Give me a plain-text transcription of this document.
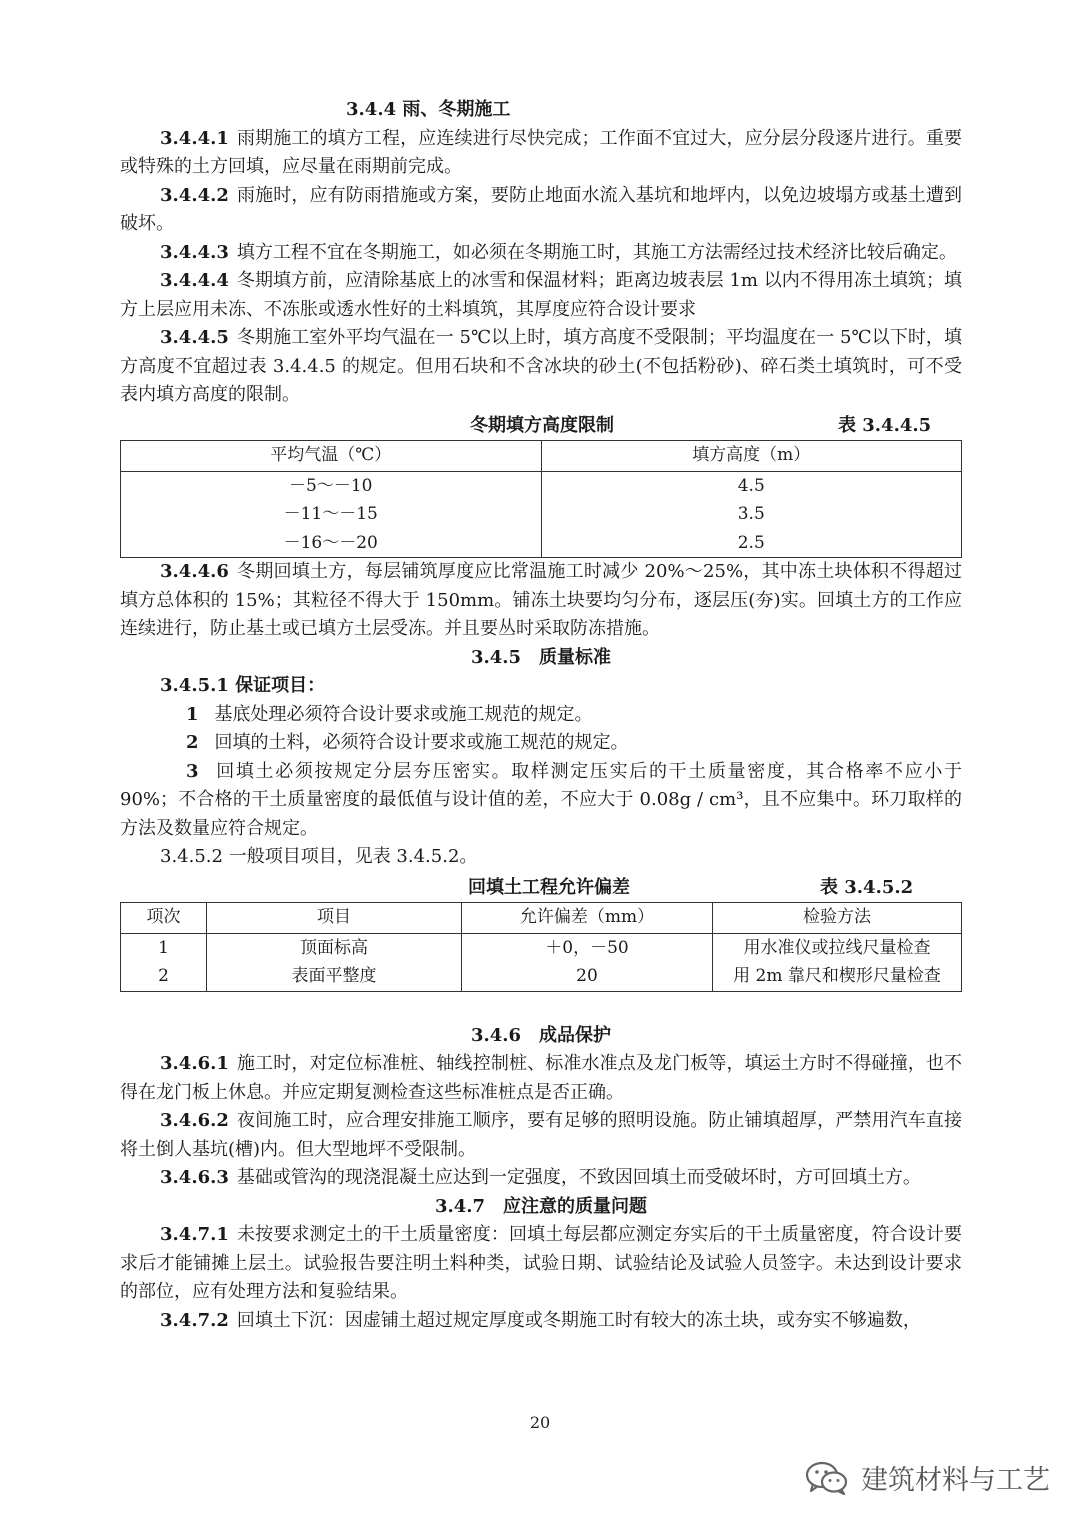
3.4.4 雨、冬期施工

3.4.4.1 雨期施工的填方工程，应连续进行尽快完成；工作面不宜过大，应分层分段逐片进行。重要或特殊的土方回填，应尽量在雨期前完成。

3.4.4.2 雨施时，应有防雨措施或方案，要防止地面水流入基坑和地坪内，以免边坡塌方或基土遭到破坏。

3.4.4.3 填方工程不宜在冬期施工，如必须在冬期施工时，其施工方法需经过技术经济比较后确定。

3.4.4.4 冬期填方前，应清除基底上的冰雪和保温材料；距离边坡表层 1m 以内不得用冻土填筑；填方上层应用未冻、不冻胀或透水性好的土料填筑，其厚度应符合设计要求

3.4.4.5 冬期施工室外平均气温在一 5℃以上时，填方高度不受限制；平均温度在一 5℃以下时，填方高度不宜超过表 3.4.4.5 的规定。但用石块和不含冰块的砂土(不包括粉砂)、碎石类土填筑时，可不受表内填方高度的限制。

冬期填方高度限制	表 3.4.4.5
平均气温（℃）	填方高度（m）
－5～－10	4.5
－11～－15	3.5
－16～－20	2.5

3.4.4.6 冬期回填土方，每层铺筑厚度应比常温施工时减少 20%～25%，其中冻土块体积不得超过填方总体积的 15%；其粒径不得大于 150mm。铺冻土块要均匀分布，逐层压(夯)实。回填土方的工作应连续进行，防止基土或已填方土层受冻。并且要丛时采取防冻措施。

3.4.5　质量标准

3.4.5.1 保证项目：

1 基底处理必须符合设计要求或施工规范的规定。

2 回填的土料，必须符合设计要求或施工规范的规定。

3 回填土必须按规定分层夯压密实。取样测定压实后的干土质量密度，其合格率不应小于 90%；不合格的干土质量密度的最低值与设计值的差，不应大于 0.08g / cm³，且不应集中。环刀取样的方法及数量应符合规定。

3.4.5.2 一般项目项目，见表 3.4.5.2。

回填土工程允许偏差	表 3.4.5.2
项次	项目	允许偏差（mm）	检验方法
1	顶面标高	＋0，－50	用水准仪或拉线尺量检查
2	表面平整度	20	用 2m 靠尺和楔形尺量检查

3.4.6　成品保护

3.4.6.1 施工时，对定位标准桩、轴线控制桩、标准水准点及龙门板等，填运土方时不得碰撞，也不得在龙门板上休息。并应定期复测检查这些标准桩点是否正确。

3.4.6.2 夜间施工时，应合理安排施工顺序，要有足够的照明设施。防止铺填超厚，严禁用汽车直接将土倒人基坑(槽)内。但大型地坪不受限制。

3.4.6.3 基础或管沟的现浇混凝土应达到一定强度，不致因回填土而受破坏时，方可回填土方。

3.4.7　应注意的质量问题

3.4.7.1 未按要求测定土的干土质量密度：回填土每层都应测定夯实后的干土质量密度，符合设计要求后才能铺摊上层土。试验报告要注明土料种类，试验日期、试验结论及试验人员签字。未达到设计要求的部位，应有处理方法和复验结果。

3.4.7.2 回填土下沉：因虚铺土超过规定厚度或冬期施工时有较大的冻土块，或夯实不够遍数，

20
建筑材料与工艺
